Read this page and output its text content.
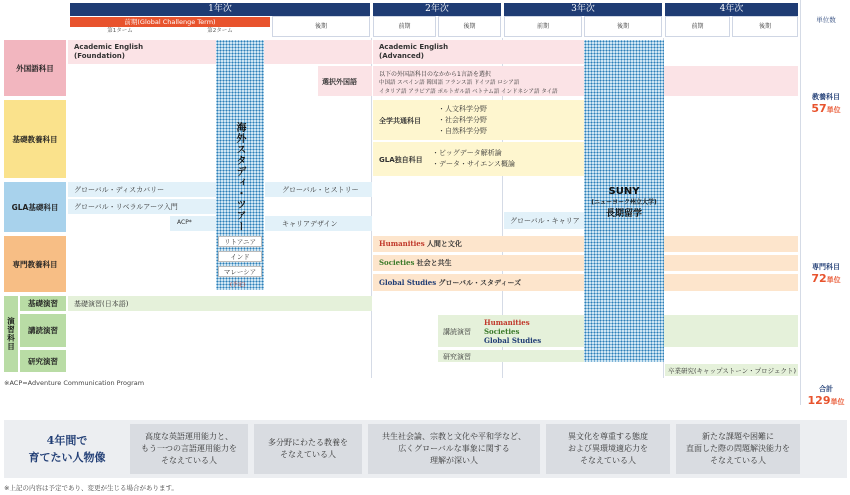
1年次	2年次	3年次	4年次
単位数
前期(Global Challenge Term)
第1ターム	第2ターム
後期	前期	後期	前期	後期	前期	後期
外国語科目
Academic English
(Foundation)
Academic English
(Advanced)
選択外国語
以下の外国語科目のなかから1言語を選択
中国語 スペイン語 韓国語 フランス語 ドイツ語 ロシア語
イタリア語 アラビア語 ポルトガル語 ベトナム語 インドネシア語 タイ語
基礎教養科目
全学共通科目
・人文科学分野
・社会科学分野
・自然科学分野
GLA独自科目
・ビッグデータ解析論
・データ・サイエンス概論
GLA基礎科目
グローバル・ディスカバリー	グローバル・ヒストリー
グローバル・リベラルアーツ入門
ACP*	キャリアデザイン	グローバル・キャリア
専門教養科目
Humanities 人間と文化
Societies 社会と共生
Global Studies グローバル・スタディーズ
演習科目
基礎演習	基礎演習(日本語)
講読演習	講読演習
Humanities
Societies
Global Studies
研究演習	研究演習
卒業研究(キャップストーン・プロジェクト)
海外スタディ・ツアー
リトアニア
インド
マレーシア
(予定)
SUNY
(ニューヨーク州立大学)
長期留学
教養科目
57単位
専門科目
72単位
合計
129単位
※ACP=Adventure Communication Program
4年間で
育てたい人物像
高度な英語運用能力と、
もう一つの言語運用能力を
そなえている人
多分野にわたる教養を
そなえている人
共生社会論、宗教と文化や平和学など、
広くグローバルな事象に関する
理解が深い人
異文化を尊重する態度
および異環境適応力を
そなえている人
新たな課題や困難に
直面した際の問題解決能力を
そなえている人
※上記の内容は予定であり、変更が生じる場合があります。
